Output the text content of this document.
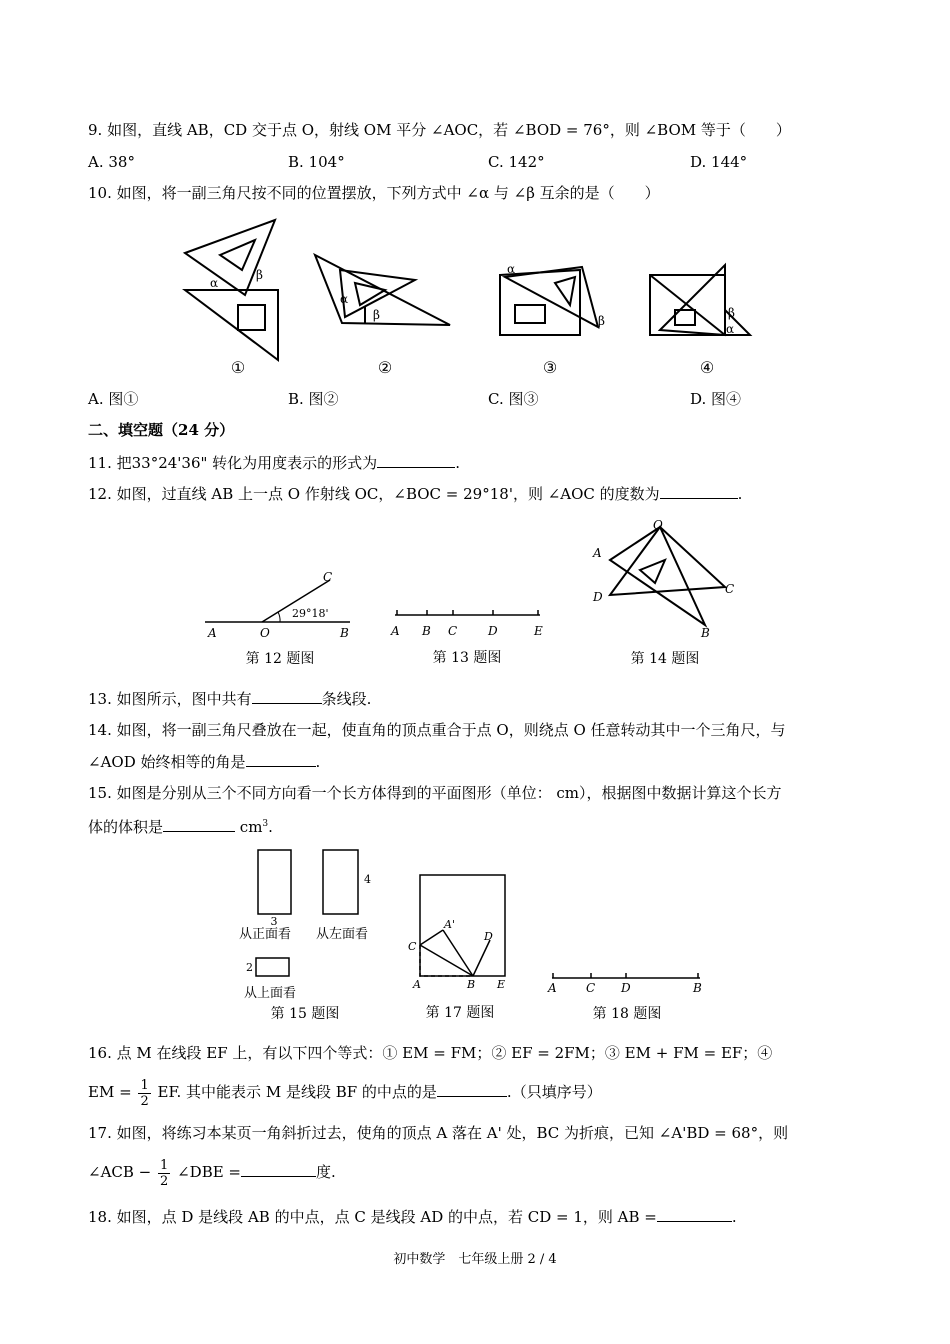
9. 如图，直线 AB，CD 交于点 O，射线 OM 平分 ∠AOC，若 ∠BOD = 76°，则 ∠BOM 等于（　　）
A. 38°	B. 104°	C. 142°	D. 144°
10. 如图，将一副三角尺按不同的位置摆放，下列方式中 ∠α 与 ∠β 互余的是（　　）
α
β
①
α
β
②
α
β
③
β
α
④
A. 图①	B. 图②	C. 图③	D. 图④
二、填空题（24 分）
11. 把33°24'36" 转化为用度表示的形式为	.
12. 如图，过直线 AB 上一点 O 作射线 OC，∠BOC = 29°18'，则 ∠AOC 的度数为	.
29°18'
A	O	B
C
第 12 题图
A B C	D	E
第 13 题图
O
A
D
C
B
第 14 题图
13. 如图所示，图中共有	条线段.
14. 如图，将一副三角尺叠放在一起，使直角的顶点重合于点 O，则绕点 O 任意转动其中一个三角尺，与
∠AOD 始终相等的角是	.
15. 如图是分别从三个不同方向看一个长方体得到的平面图形（单位： cm），根据图中数据计算这个长方
体的体积是	$cm^3$.
3
从正面看
4
从左面看
2
从上面看
第 15 题图
A'
C
D
A	B E
第 17 题图
A C D	B
第 18 题图
16. 点 M 在线段 EF 上，有以下四个等式：① EM = FM；② EF = 2FM；③ EM + FM = EF；④
EM = $\frac{1}{2}$ EF. 其中能表示 M 是线段 BF 的中点的是	.（只填序号）
17. 如图，将练习本某页一角斜折过去，使角的顶点 A 落在 A' 处，BC 为折痕，已知 ∠A'BD = 68°，则
∠ACB − $\frac{1}{2}$ ∠DBE =	度.
18. 如图，点 D 是线段 AB 的中点，点 C 是线段 AD 的中点，若 CD = 1，则 AB =	.
初中数学　七年级上册 2 / 4
